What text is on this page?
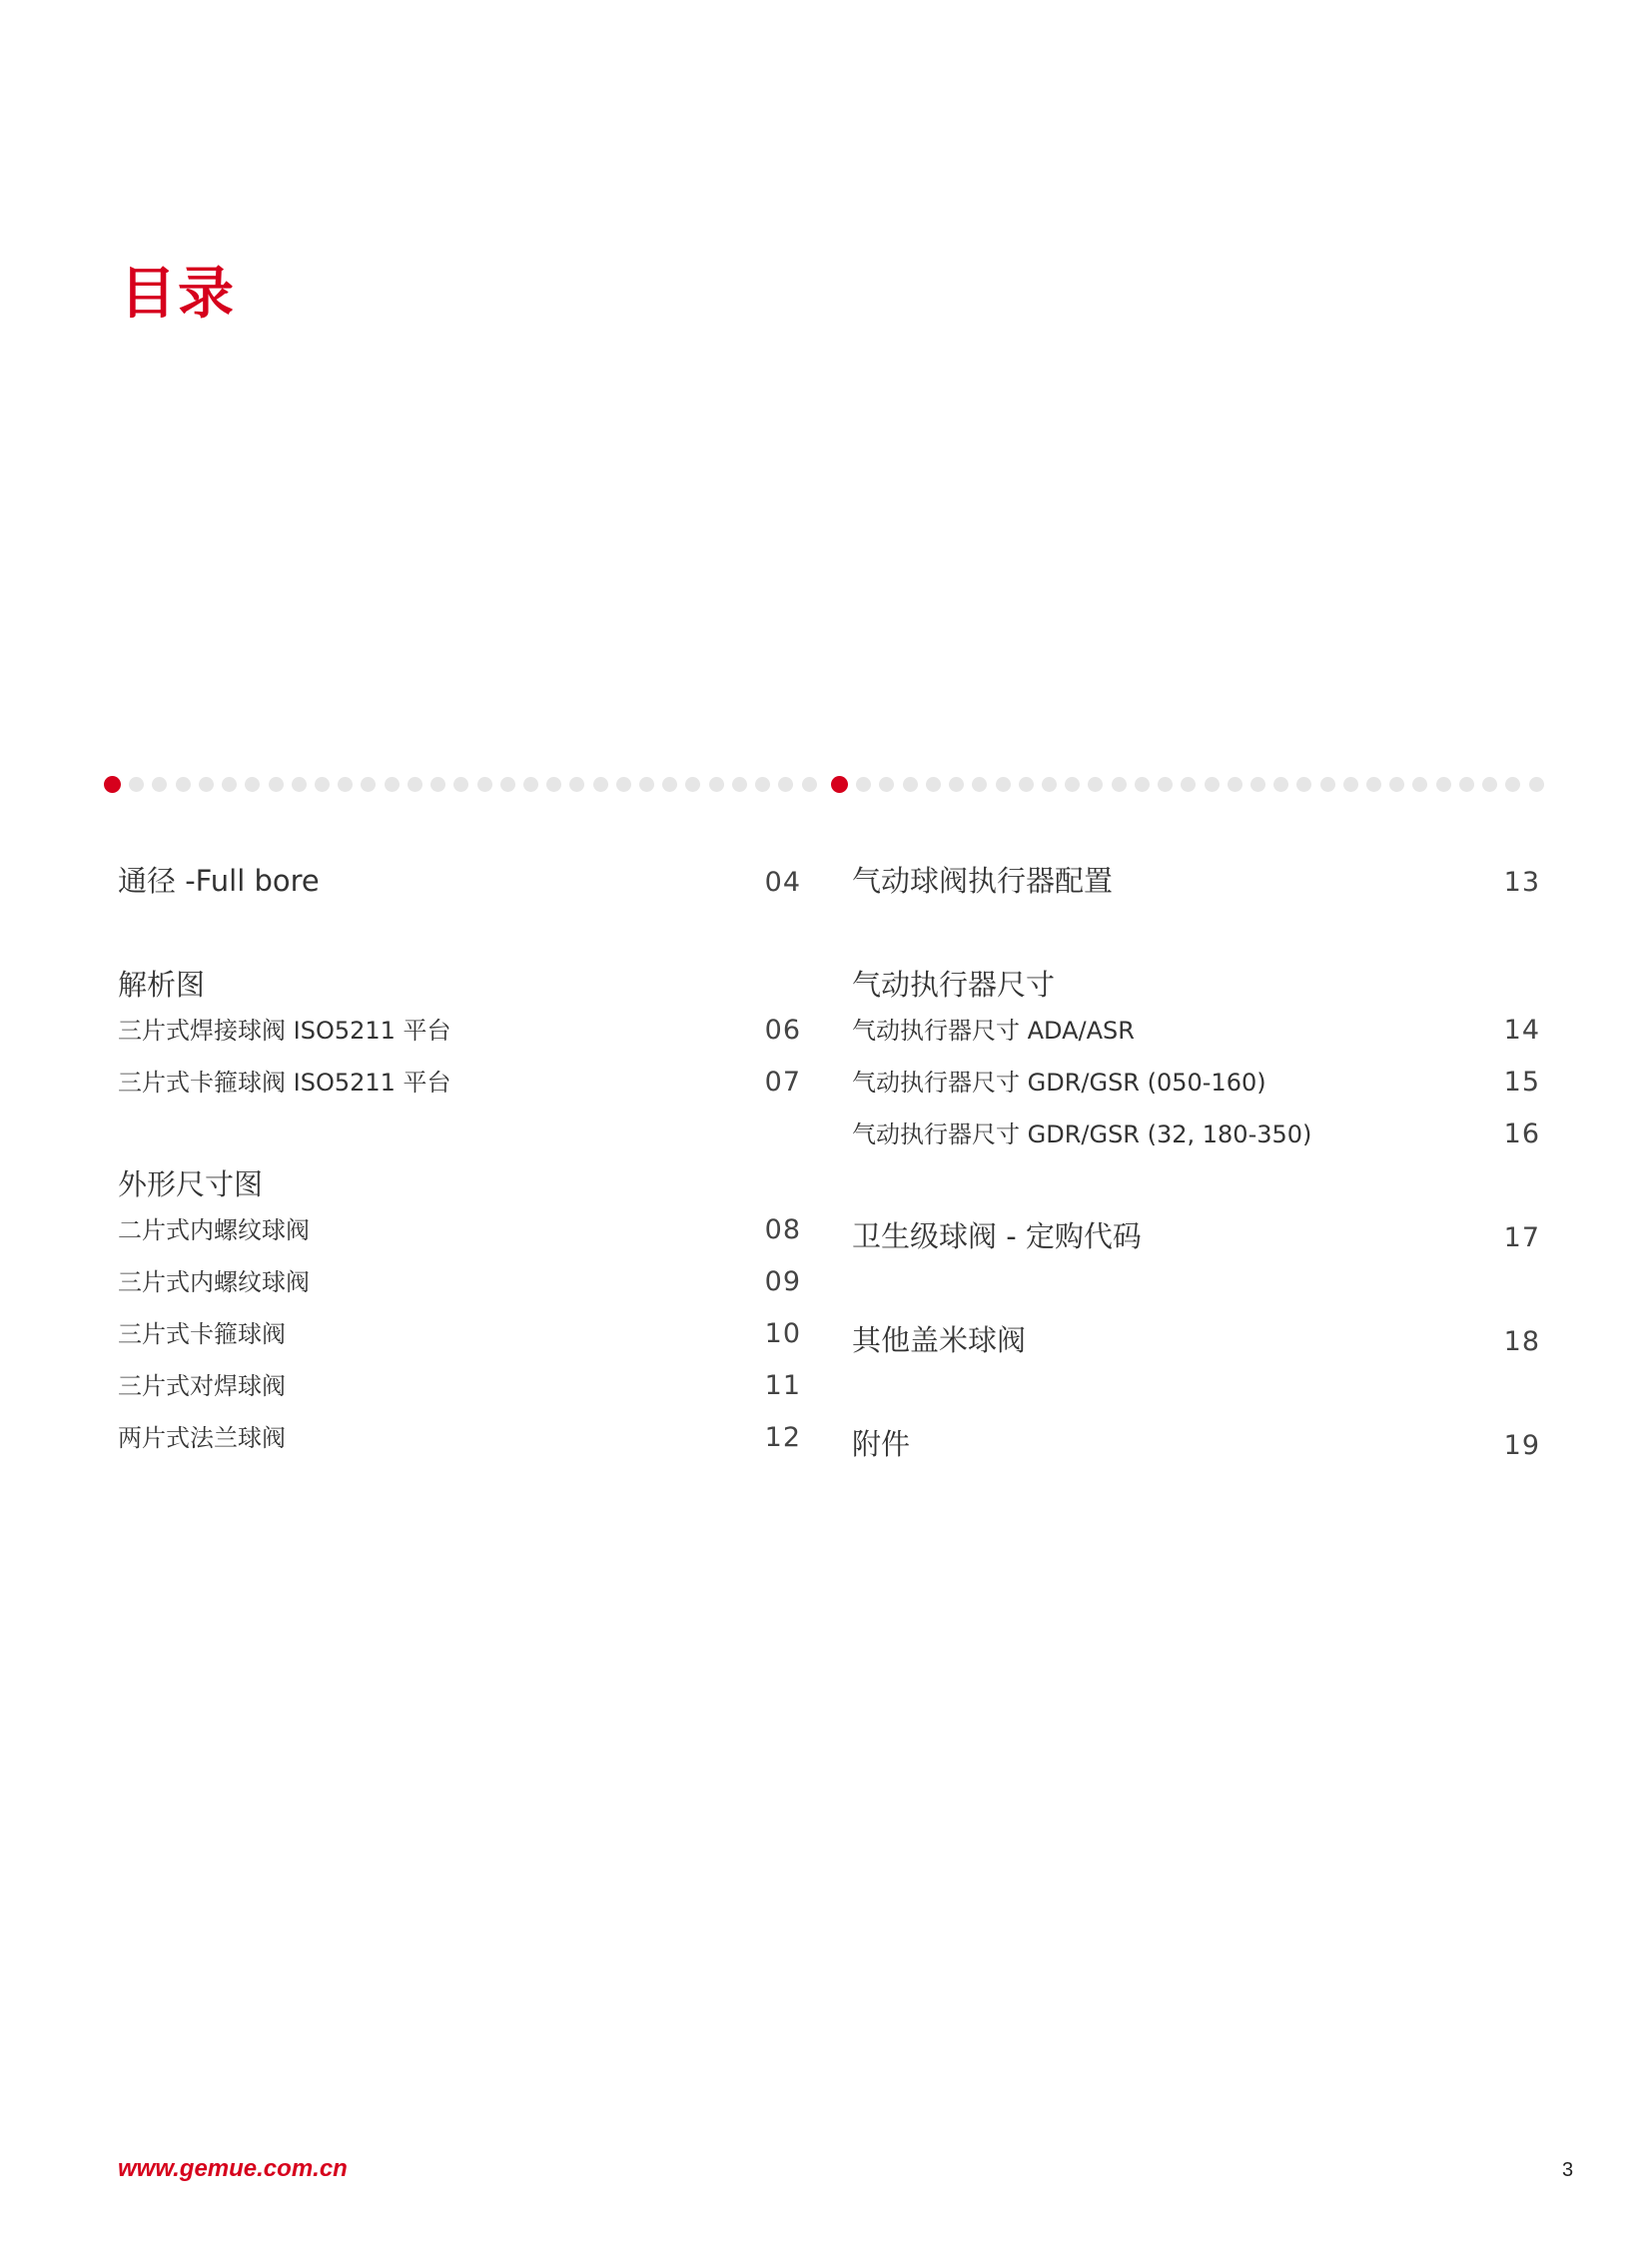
目录
通径 -Full bore	04
解析图
三片式焊接球阀 ISO5211 平台	06
三片式卡箍球阀 ISO5211 平台	07
外形尺寸图
二片式内螺纹球阀	08
三片式内螺纹球阀	09
三片式卡箍球阀	10
三片式对焊球阀	11
两片式法兰球阀	12
气动球阀执行器配置	13
气动执行器尺寸
气动执行器尺寸 ADA/ASR	14
气动执行器尺寸 GDR/GSR (050-160)	15
气动执行器尺寸 GDR/GSR (32, 180-350)	16
卫生级球阀 - 定购代码	17
其他盖米球阀	18
附件	19
www.gemue.com.cn	3
